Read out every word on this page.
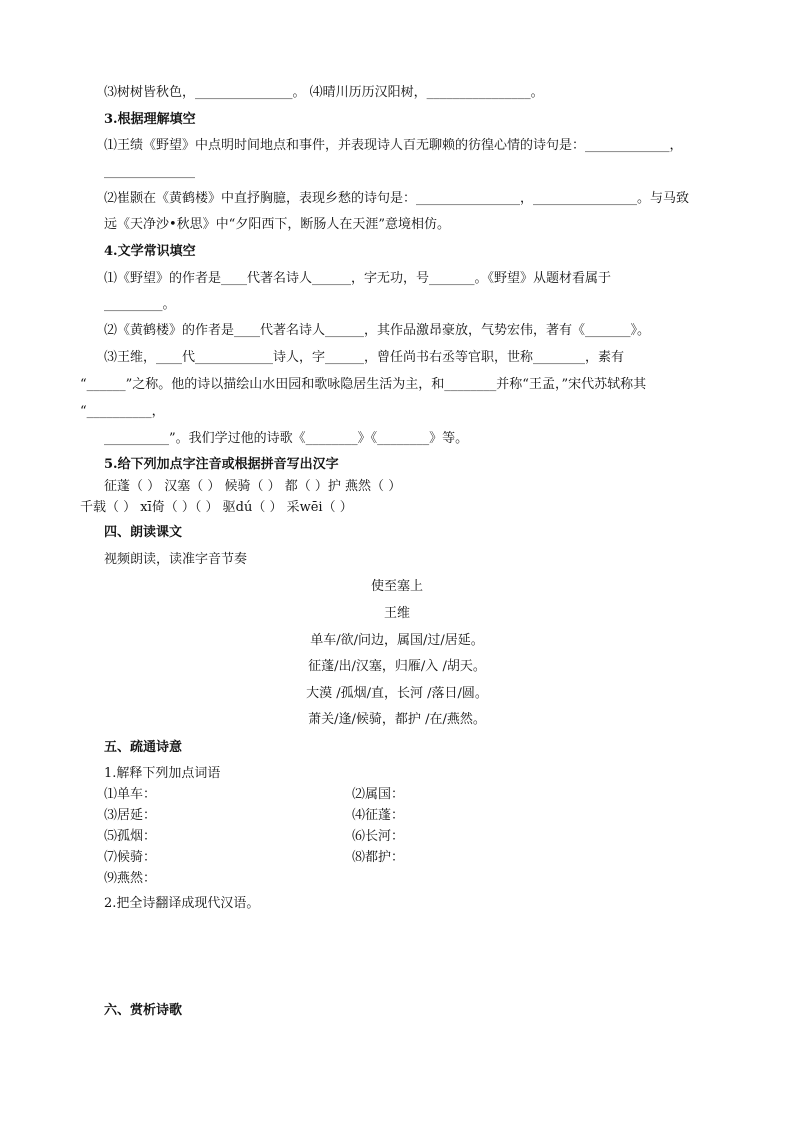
⑶树树皆秋色，_______________。 ⑷晴川历历汉阳树，________________。
3.根据理解填空
⑴王绩《野望》中点明时间地点和事件，并表现诗人百无聊赖的彷徨心情的诗句是：_____________，
______________
⑵崔颢在《黄鹤楼》中直抒胸臆，表现乡愁的诗句是：________________，________________。与马致
远《天净沙•秋思》中“夕阳西下，断肠人在天涯”意境相仿。
4.文学常识填空
⑴《野望》的作者是____代著名诗人______，字无功，号_______。《野望》从题材看属于
_________。
⑵《黄鹤楼》的作者是____代著名诗人______，其作品激昂豪放，气势宏伟，著有《_______》。
⑶王维，____代____________诗人，字______，曾任尚书右丞等官职，世称________，素有
“______”之称。他的诗以描绘山水田园和歌咏隐居生活为主，和________并称“王孟，”宋代苏轼称其
“__________，
__________”。我们学过他的诗歌《________》《________》等。
5.给下列加点字注音或根据拼音写出汉字
征蓬（ ） 汉塞（ ） 候骑（ ） 都（ ）护 燕然（ ）
千载（ ） xī倚（ ）（ ） 驱dú（ ） 采wēi（ ）
四、朗读课文
视频朗读，读准字音节奏
使至塞上
王维
单车/欲/问边，属国/过/居延。
征蓬/出/汉塞，归雁/入 /胡天。
大漠 /孤烟/直，长河 /落日/圆。
萧关/逢/候骑，都护 /在/燕然。
五、疏通诗意
1.解释下列加点词语
⑴单车：
⑶居延：
⑸孤烟：
⑺候骑：
⑼燕然：
⑵属国：
⑷征蓬：
⑹长河：
⑻都护：
2.把全诗翻译成现代汉语。
六、赏析诗歌
